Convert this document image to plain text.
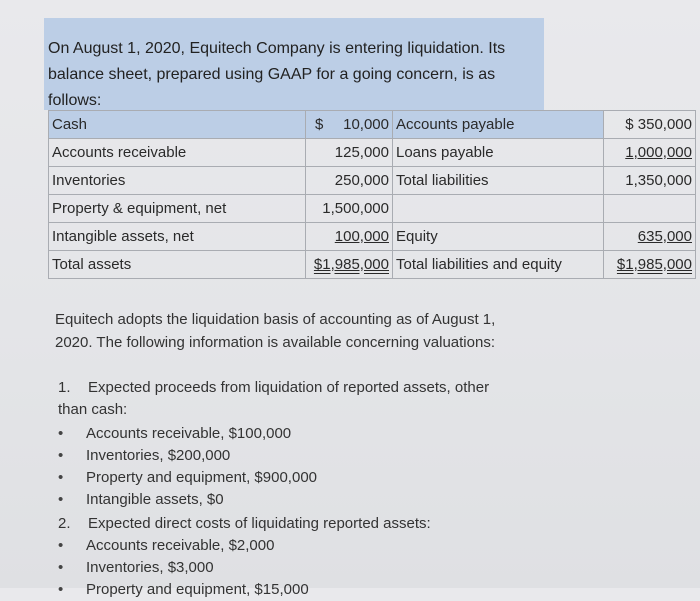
On August 1, 2020, Equitech Company is entering liquidation. Its balance sheet, prepared using GAAP for a going concern, is as follows:
Cash	$ 10,000	Accounts payable	$ 350,000
Accounts receivable	125,000	Loans payable	1,000,000
Inventories	250,000	Total liabilities	1,350,000
Property & equipment, net	1,500,000		
Intangible assets, net	100,000	Equity	635,000
Total assets	$1,985,000	Total liabilities and equity	$1,985,000
Equitech adopts the liquidation basis of accounting as of August 1, 2020. The following information is available concerning valuations:
1. Expected proceeds from liquidation of reported assets, other than cash:
• Accounts receivable, $100,000
• Inventories, $200,000
• Property and equipment, $900,000
• Intangible assets, $0
2. Expected direct costs of liquidating reported assets:
• Accounts receivable, $2,000
• Inventories, $3,000
• Property and equipment, $15,000
